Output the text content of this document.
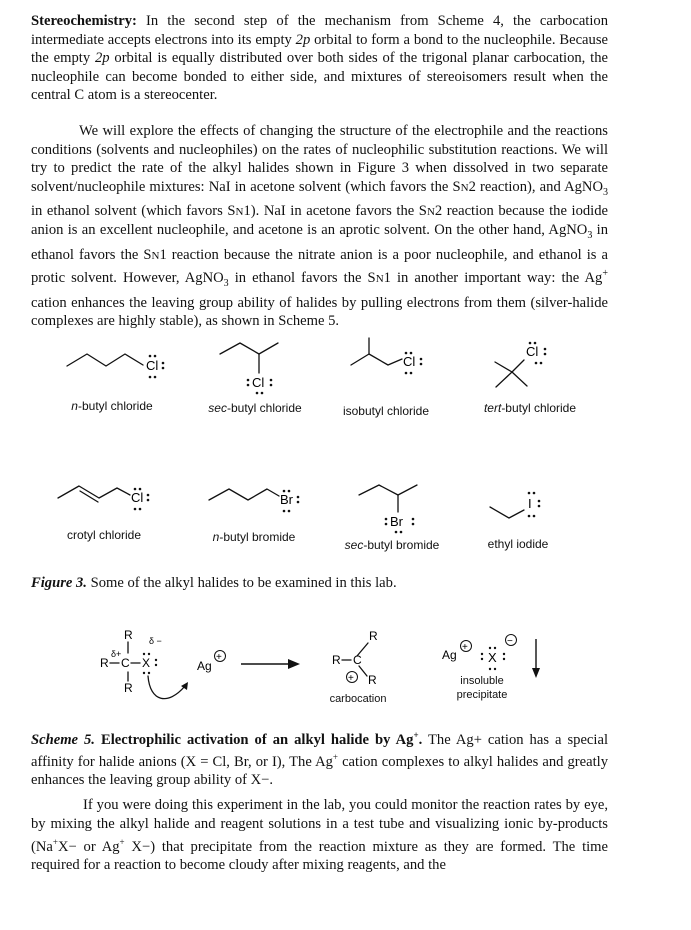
Stereochemistry: In the second step of the mechanism from Scheme 4, the carbocation intermediate accepts electrons into its empty 2p orbital to form a bond to the nucleophile. Because the empty 2p orbital is equally distributed over both sides of the trigonal planar carbocation, the nucleophile can become bonded to either side, and mixtures of stereoisomers result when the central C atom is a stereocenter.

We will explore the effects of changing the structure of the electrophile and the reactions conditions (solvents and nucleophiles) on the rates of nucleophilic substitution reactions. We will try to predict the rate of the alkyl halides shown in Figure 3 when dissolved in two separate solvent/nucleophile mixtures: NaI in acetone solvent (which favors the SN2 reaction), and AgNO$_3$ in ethanol solvent (which favors SN1). NaI in acetone favors the SN2 reaction because the iodide anion is an excellent nucleophile, and acetone is an aprotic solvent. On the other hand, AgNO$_3$ in ethanol favors the SN1 reaction because the nitrate anion is a poor nucleophile, and ethanol is a protic solvent. However, AgNO$_3$ in ethanol favors the SN1 in another important way: the Ag+ cation enhances the leaving group ability of halides by pulling electrons from them (silver-halide complexes are highly stable), as shown in Scheme 5.

Cl
Cl
Cl
Cl
Cl	Br
Br
I
n-butyl chloride	sec-butyl chloride	isobutyl chloride	tert-butyl chloride
crotyl chloride	n-butyl bromide
sec-butyl bromide	ethyl iodide
Figure 3. Some of the alkyl halides to be examined in this lab.
R δ −
δ+
R C X
R
Ag
+
R
R C
R
+
Ag
+
X
−
carbocation
insoluble
precipitate

Scheme 5. Electrophilic activation of an alkyl halide by Ag+. The Ag+ cation has a special affinity for halide anions (X = Cl, Br, or I), The Ag+ cation complexes to alkyl halides and greatly enhances the leaving group ability of X−.

If you were doing this experiment in the lab, you could monitor the reaction rates by eye, by mixing the alkyl halide and reagent solutions in a test tube and visualizing ionic by-products (Na+X− or Ag+ X−) that precipitate from the reaction mixture as they are formed. The time required for a reaction to become cloudy after mixing reagents, and the
